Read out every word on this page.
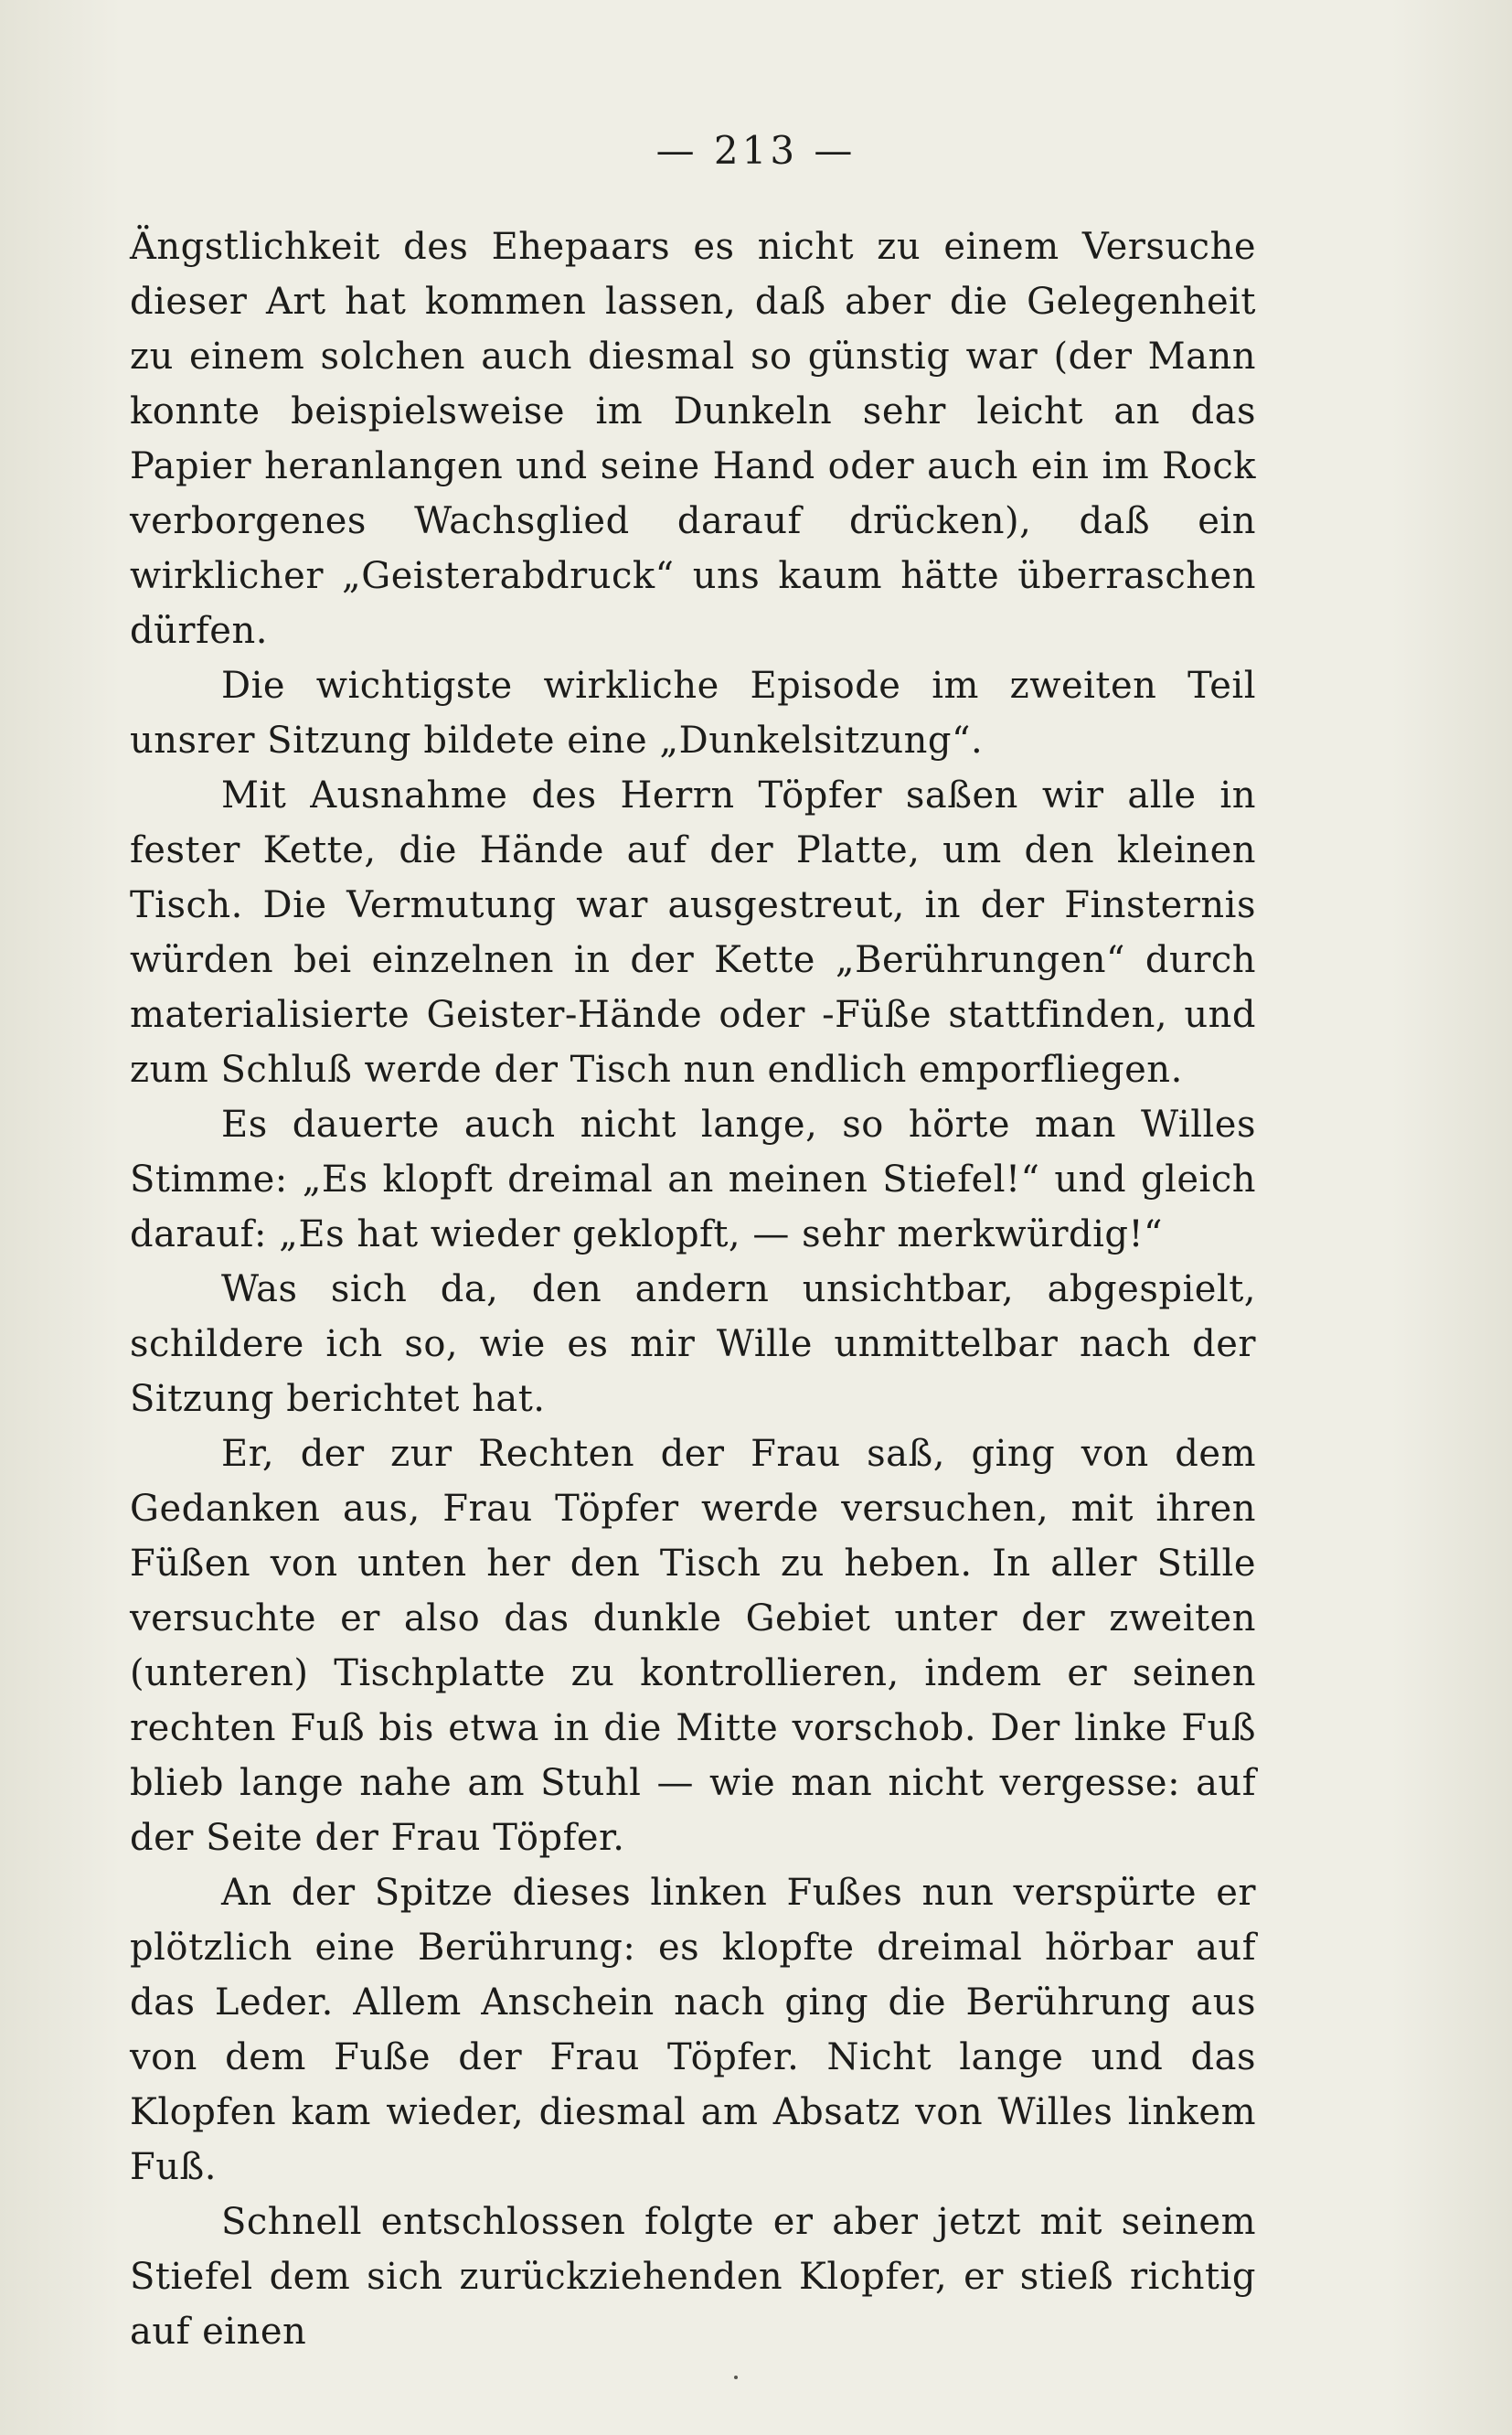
— 213 —

Ängstlichkeit des Ehepaars es nicht zu einem Versuche dieser Art hat kommen lassen, daß aber die Gelegenheit zu einem solchen auch diesmal so günstig war (der Mann konnte beispielsweise im Dunkeln sehr leicht an das Papier heranlangen und seine Hand oder auch ein im Rock verborgenes Wachsglied darauf drücken), daß ein wirklicher „Geisterabdruck“ uns kaum hätte überraschen dürfen.

Die wichtigste wirkliche Episode im zweiten Teil unsrer Sitzung bildete eine „Dunkelsitzung“.

Mit Ausnahme des Herrn Töpfer saßen wir alle in fester Kette, die Hände auf der Platte, um den kleinen Tisch. Die Vermutung war ausgestreut, in der Finsternis würden bei einzelnen in der Kette „Berührungen“ durch materialisierte Geister-Hände oder -Füße stattfinden, und zum Schluß werde der Tisch nun endlich emporfliegen.

Es dauerte auch nicht lange, so hörte man Willes Stimme: „Es klopft dreimal an meinen Stiefel!“ und gleich darauf: „Es hat wieder geklopft, — sehr merkwürdig!“

Was sich da, den andern unsichtbar, abgespielt, schildere ich so, wie es mir Wille unmittelbar nach der Sitzung berichtet hat.

Er, der zur Rechten der Frau saß, ging von dem Gedanken aus, Frau Töpfer werde versuchen, mit ihren Füßen von unten her den Tisch zu heben. In aller Stille versuchte er also das dunkle Gebiet unter der zweiten (unteren) Tischplatte zu kontrollieren, indem er seinen rechten Fuß bis etwa in die Mitte vorschob. Der linke Fuß blieb lange nahe am Stuhl — wie man nicht vergesse: auf der Seite der Frau Töpfer.

An der Spitze dieses linken Fußes nun verspürte er plötzlich eine Berührung: es klopfte dreimal hörbar auf das Leder. Allem Anschein nach ging die Berührung aus von dem Fuße der Frau Töpfer. Nicht lange und das Klopfen kam wieder, diesmal am Absatz von Willes linkem Fuß.

Schnell entschlossen folgte er aber jetzt mit seinem Stiefel dem sich zurückziehenden Klopfer, er stieß richtig auf einen
